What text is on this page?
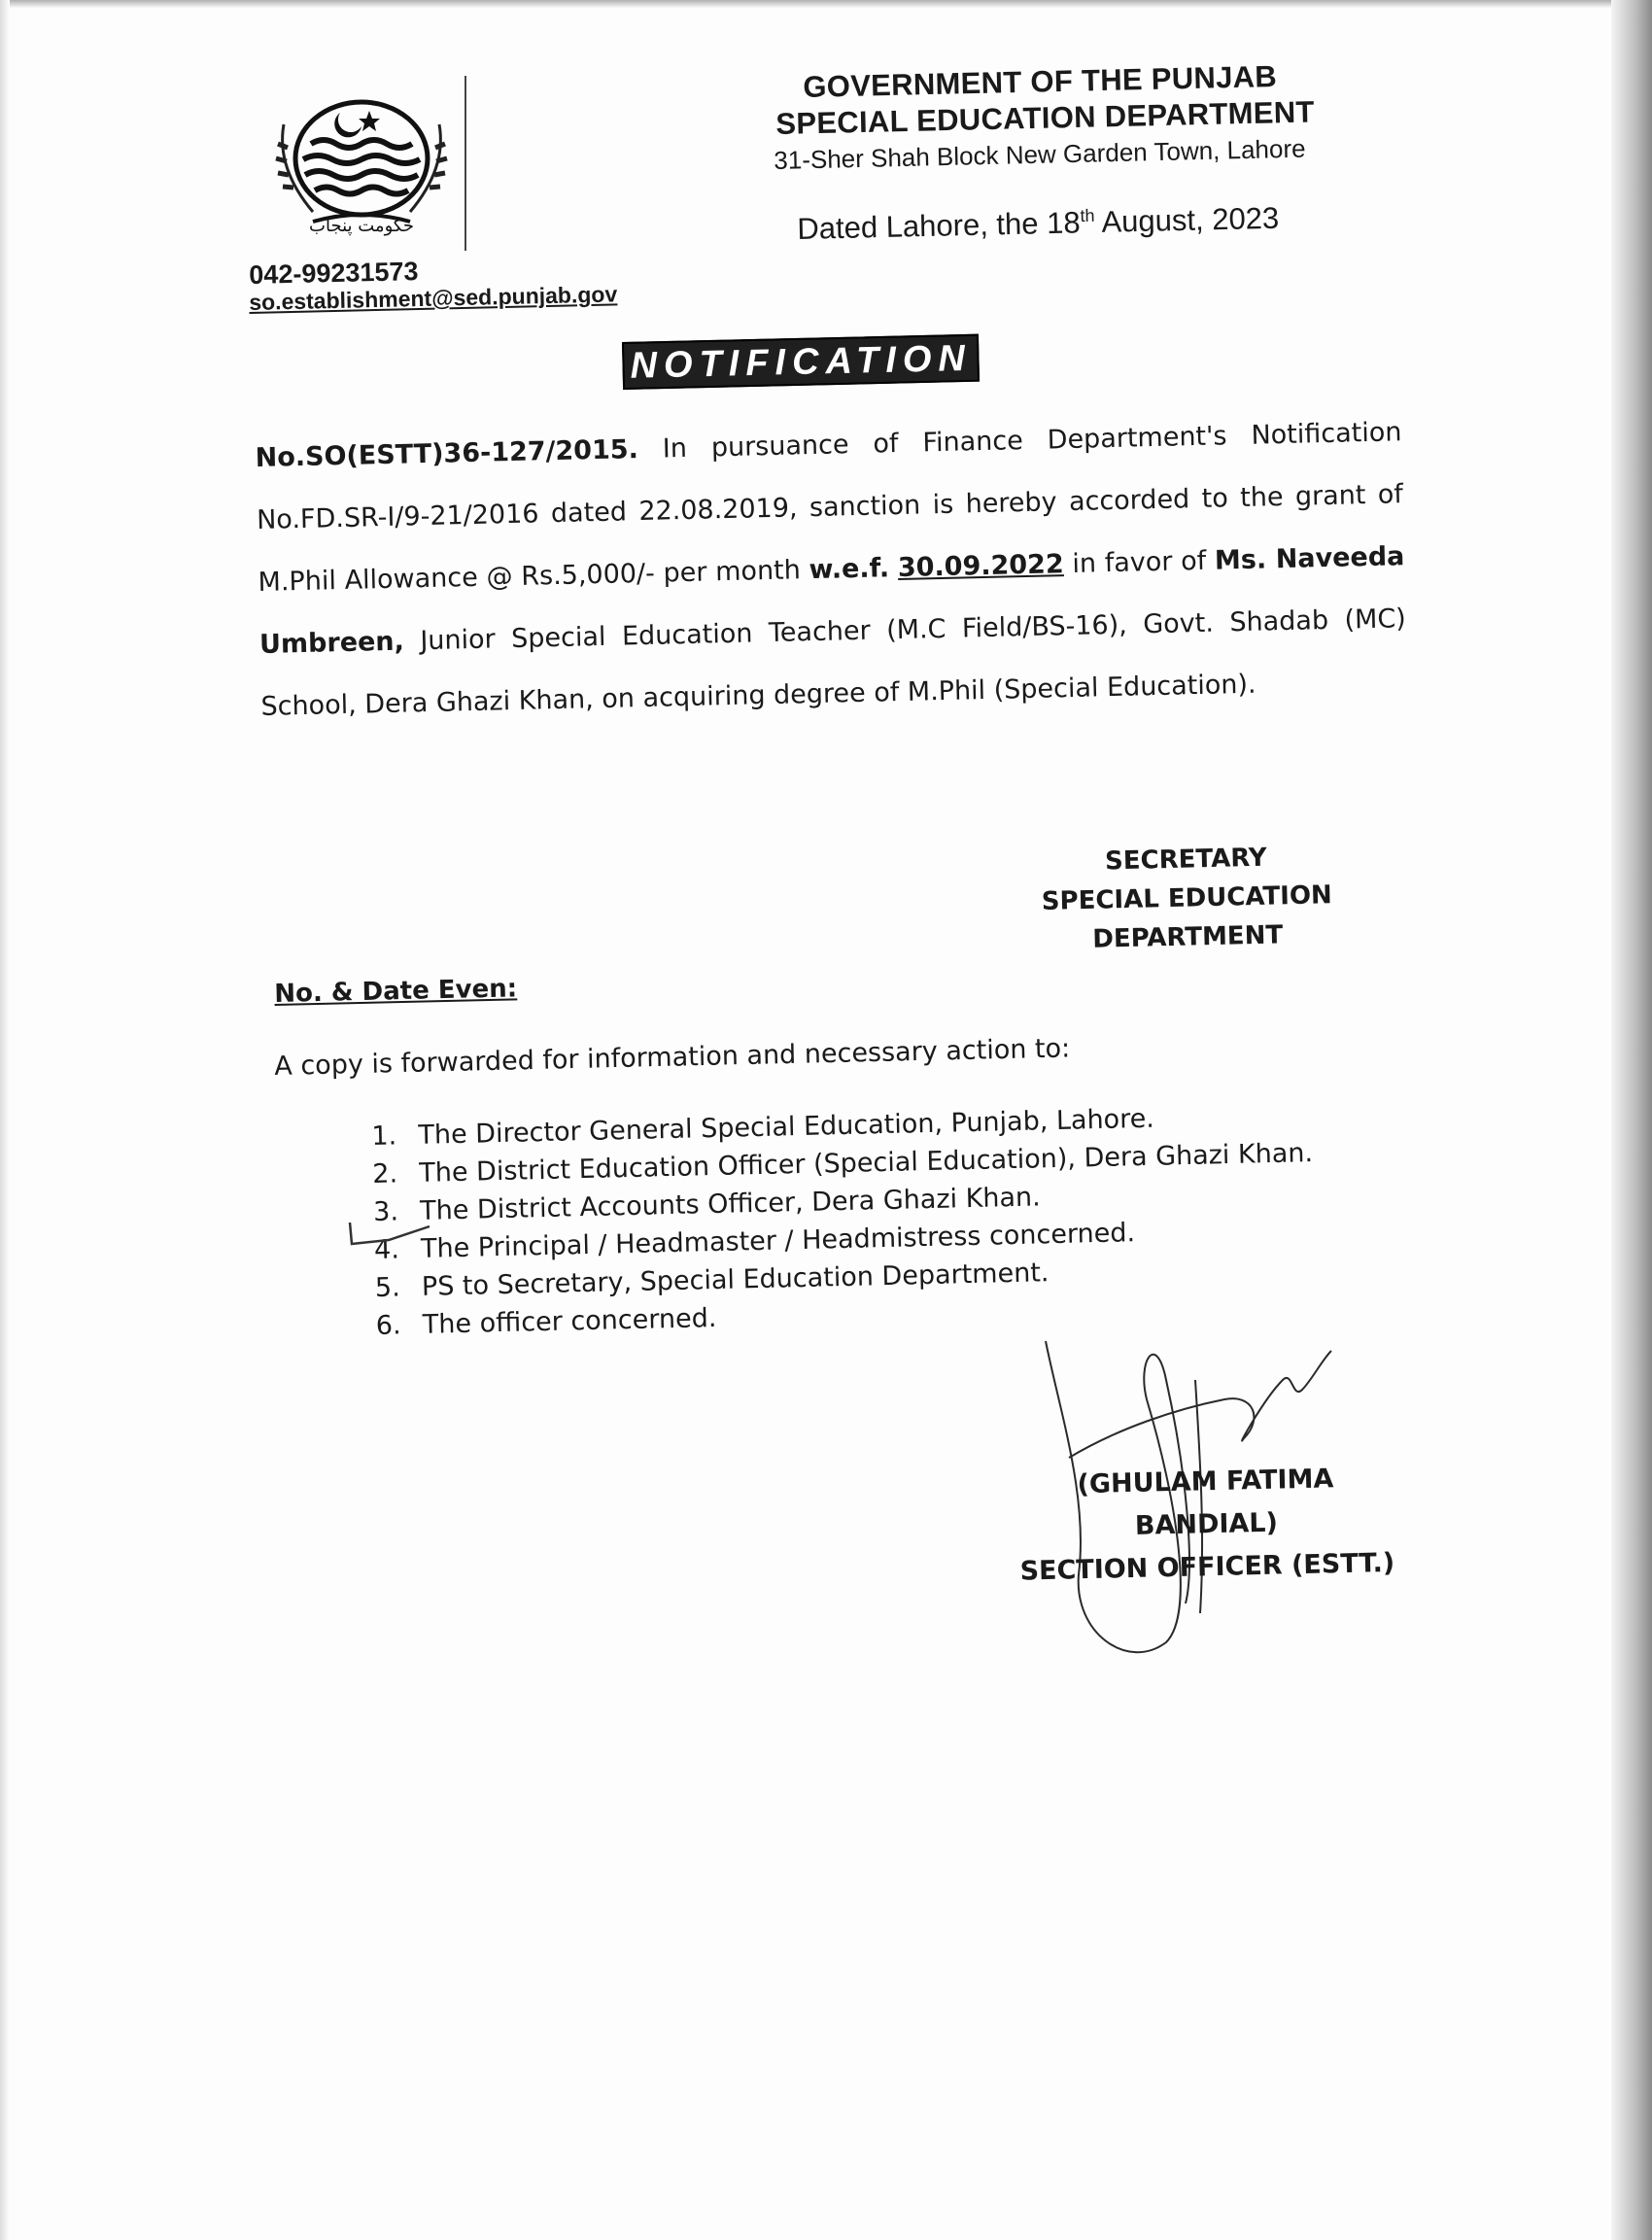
حکومت پنجاب
GOVERNMENT OF THE PUNJAB
SPECIAL EDUCATION DEPARTMENT
31-Sher Shah Block New Garden Town, Lahore
Dated Lahore, the 18th August, 2023
042-99231573
so.establishment@sed.punjab.gov
NOTIFICATION
No.SO(ESTT)36-127/2015. In pursuance of Finance Department's Notification No.FD.SR-I/9-21/2016 dated 22.08.2019, sanction is hereby accorded to the grant of M.Phil Allowance @ Rs.5,000/- per month w.e.f. 30.09.2022 in favor of Ms. Naveeda Umbreen, Junior Special Education Teacher (M.C Field/BS-16), Govt. Shadab (MC) School, Dera Ghazi Khan, on acquiring degree of M.Phil (Special Education).
SECRETARY
SPECIAL EDUCATION
DEPARTMENT
No. & Date Even:
A copy is forwarded for information and necessary action to:
1. The Director General Special Education, Punjab, Lahore.
2. The District Education Officer (Special Education), Dera Ghazi Khan.
3. The District Accounts Officer, Dera Ghazi Khan.
4. The Principal / Headmaster / Headmistress concerned.
5. PS to Secretary, Special Education Department.
6. The officer concerned.
(GHULAM FATIMA BANDIAL)
SECTION OFFICER (ESTT.)
